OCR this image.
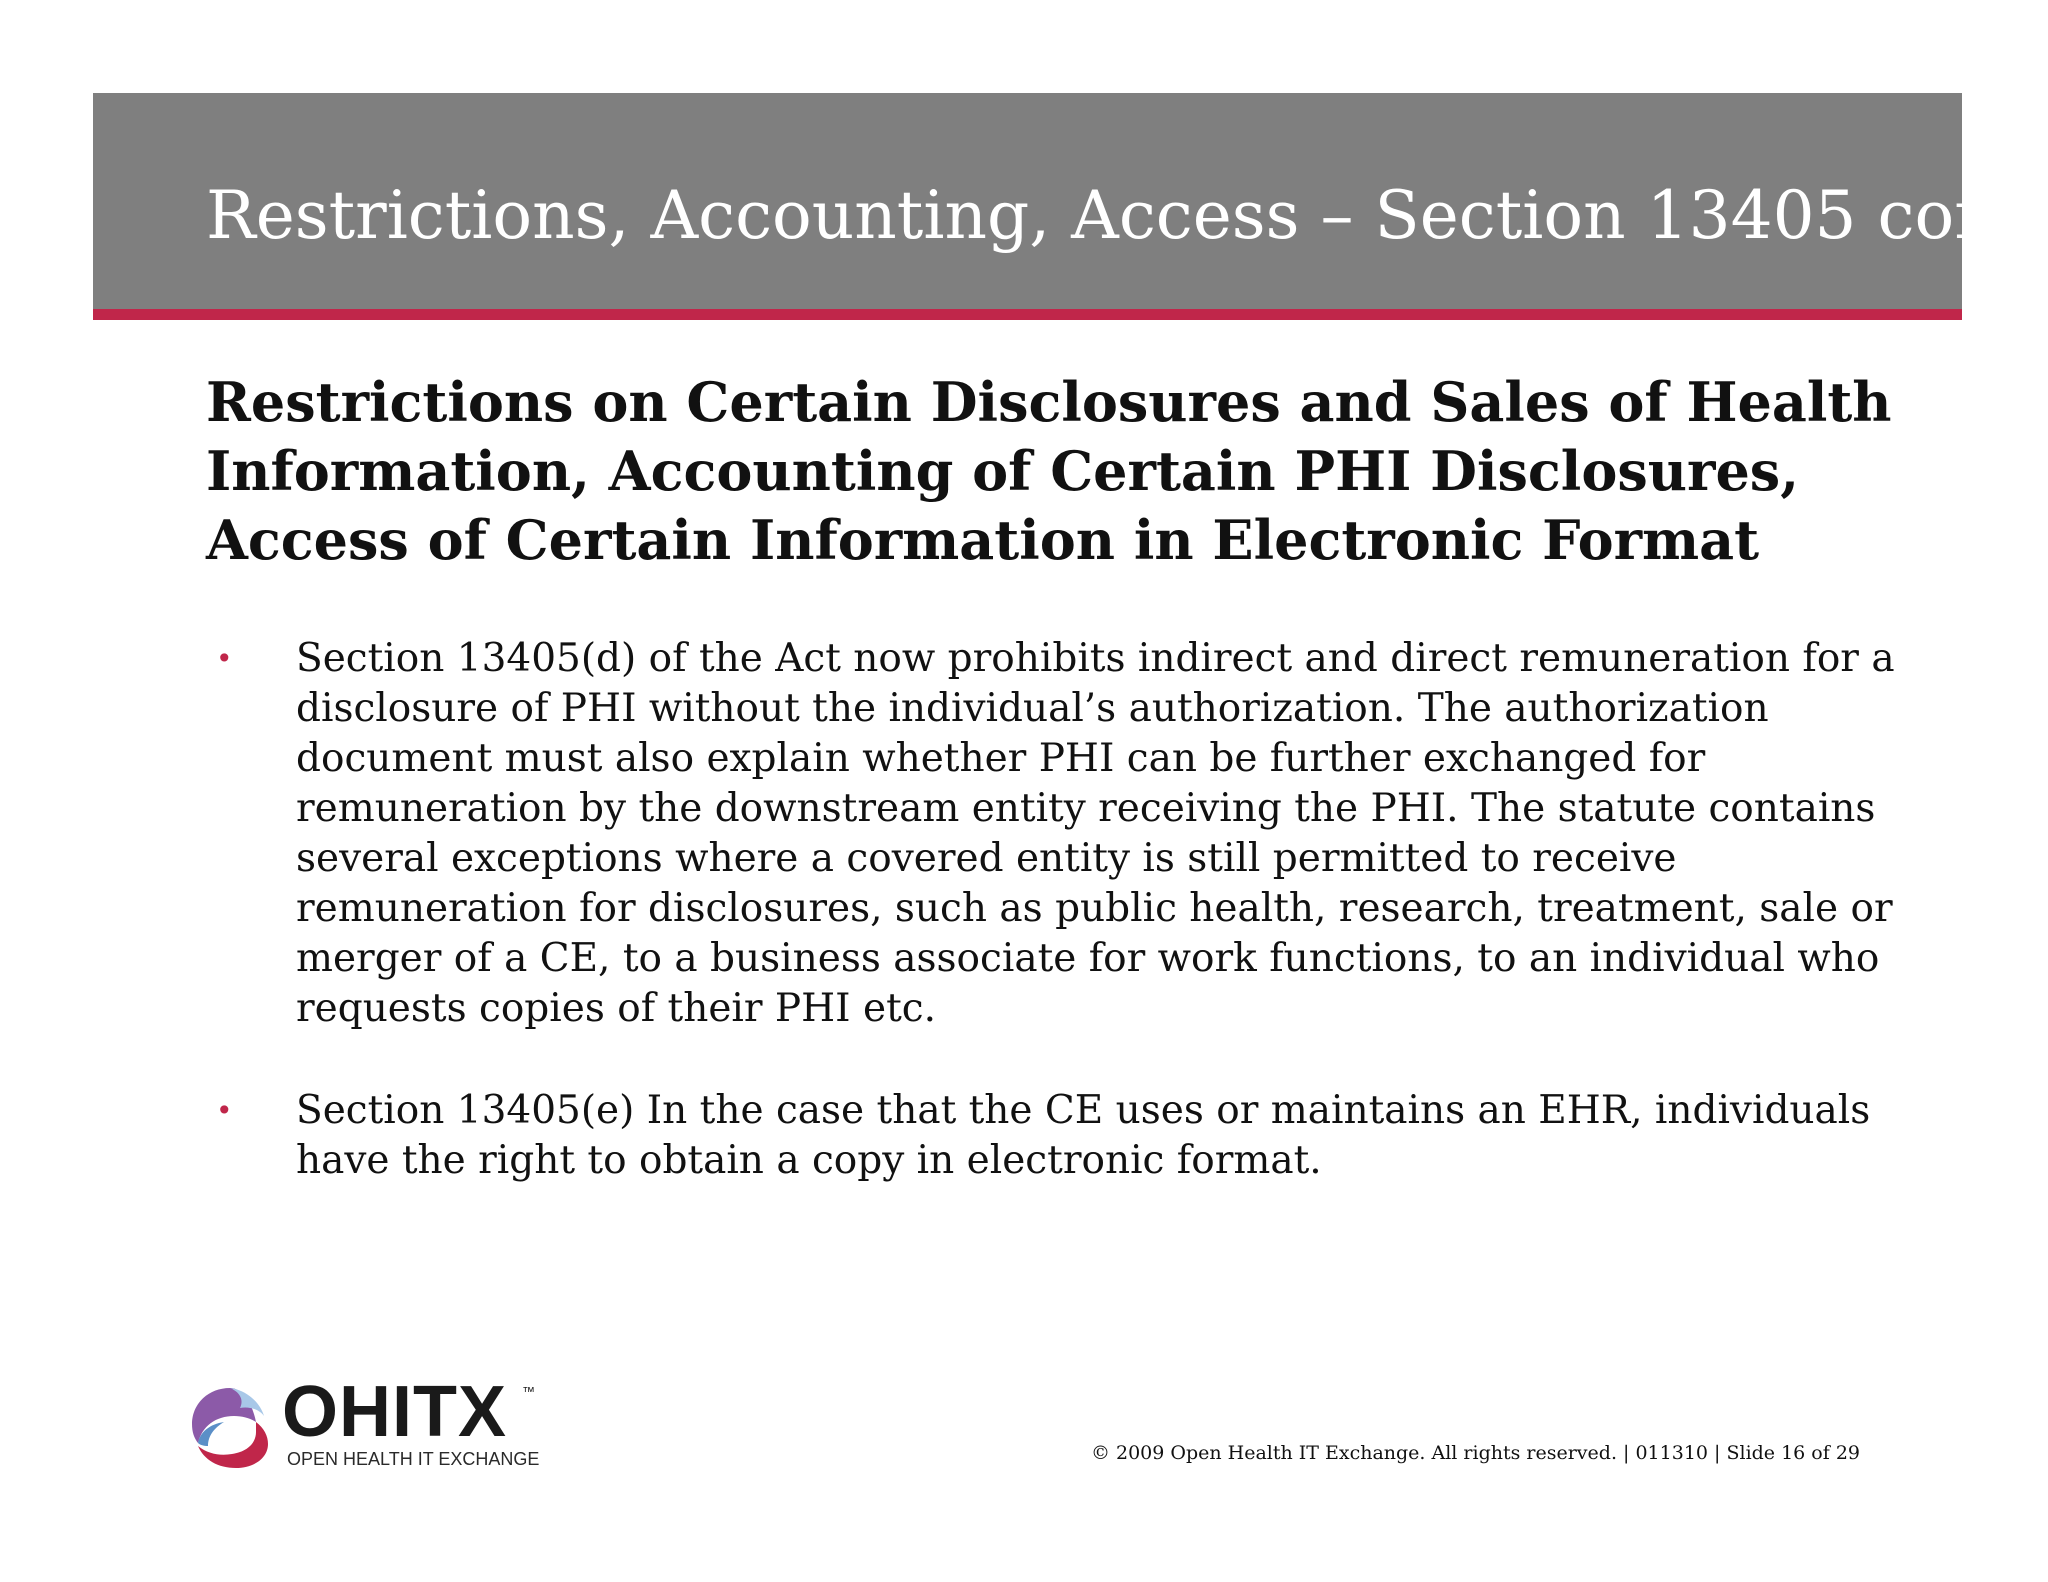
Restrictions, Accounting, Access – Section 13405 cont.
Restrictions on Certain Disclosures and Sales of Health Information, Accounting of Certain PHI Disclosures, Access of Certain Information in Electronic Format
• Section 13405(d) of the Act now prohibits indirect and direct remuneration for a disclosure of PHI without the individual’s authorization. The authorization document must also explain whether PHI can be further exchanged for remuneration by the downstream entity receiving the PHI. The statute contains several exceptions where a covered entity is still permitted to receive remuneration for disclosures, such as public health, research, treatment, sale or merger of a CE, to a business associate for work functions, to an individual who requests copies of their PHI etc.
• Section 13405(e) In the case that the CE uses or maintains an EHR, individuals have the right to obtain a copy in electronic format.
OHITX ™
OPEN HEALTH IT EXCHANGE	© 2009 Open Health IT Exchange. All rights reserved. | 011310 | Slide 16 of 29
